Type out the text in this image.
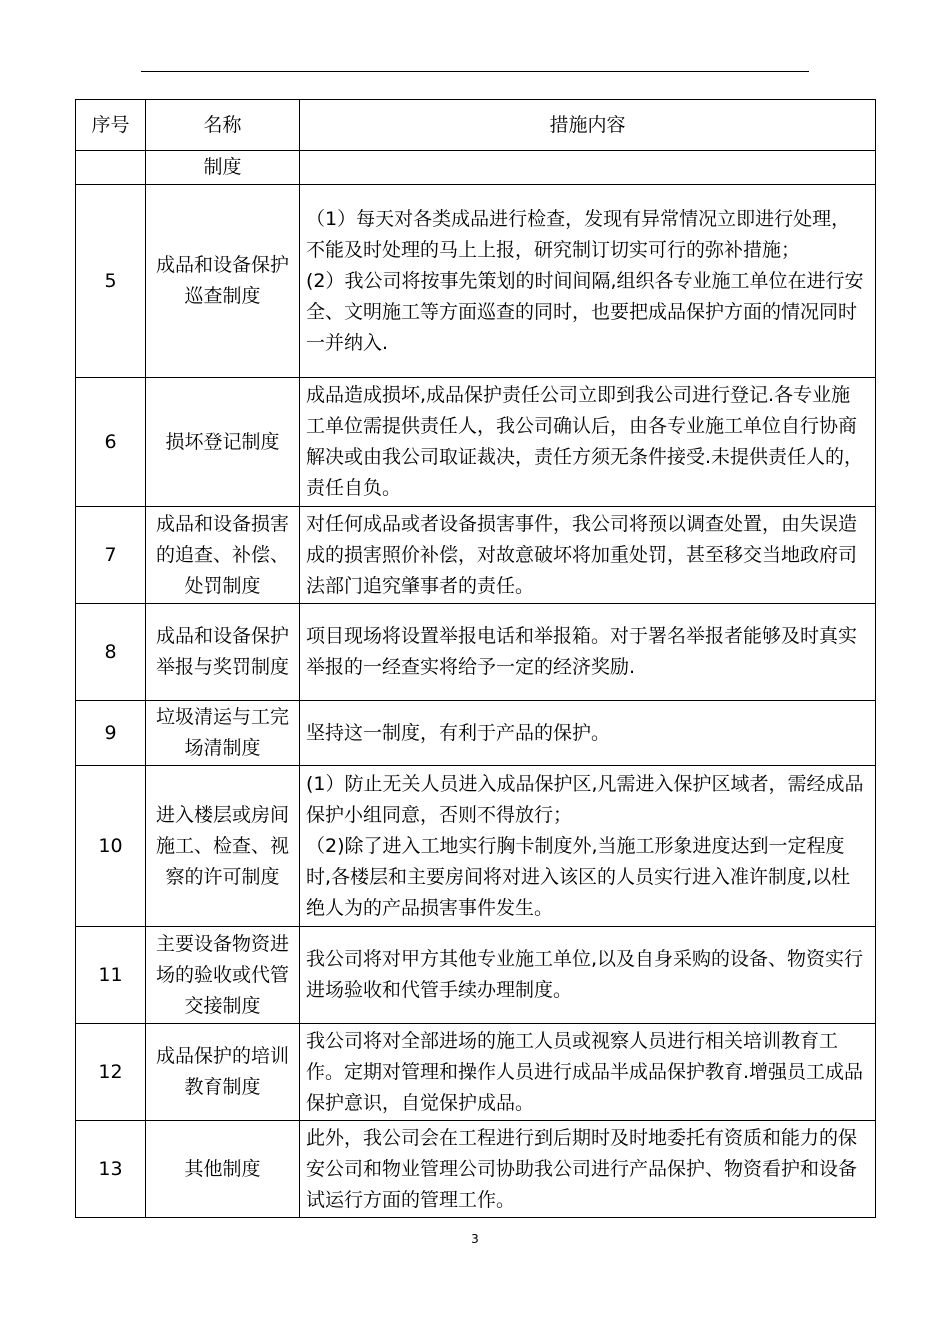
序号	名称	措施内容
	制度	

5	成品和设备保护巡查制度	（1）每天对各类成品进行检查，发现有异常情况立即进行处理，不能及时处理的马上上报，研究制订切实可行的弥补措施；

(2）我公司将按事先策划的时间间隔,组织各专业施工单位在进行安全、文明施工等方面巡查的同时，也要把成品保护方面的情况同时一并纳入.

6	损坏登记制度	成品造成损坏,成品保护责任公司立即到我公司进行登记.各专业施工单位需提供责任人，我公司确认后，由各专业施工单位自行协商解决或由我公司取证裁决，责任方须无条件接受.未提供责任人的，责任自负。

7	成品和设备损害的追查、补偿、处罚制度	对任何成品或者设备损害事件，我公司将预以调查处置，由失误造成的损害照价补偿，对故意破坏将加重处罚，甚至移交当地政府司法部门追究肇事者的责任。

8	成品和设备保护举报与奖罚制度	项目现场将设置举报电话和举报箱。对于署名举报者能够及时真实举报的一经查实将给予一定的经济奖励.

9	垃圾清运与工完场清制度	坚持这一制度，有利于产品的保护。

10	进入楼层或房间施工、检查、视察的许可制度	(1）防止无关人员进入成品保护区,凡需进入保护区域者，需经成品保护小组同意，否则不得放行；

（2)除了进入工地实行胸卡制度外,当施工形象进度达到一定程度时,各楼层和主要房间将对进入该区的人员实行进入准许制度,以杜绝人为的产品损害事件发生。

11	主要设备物资进场的验收或代管交接制度	我公司将对甲方其他专业施工单位,以及自身采购的设备、物资实行进场验收和代管手续办理制度。

12	成品保护的培训教育制度	我公司将对全部进场的施工人员或视察人员进行相关培训教育工作。定期对管理和操作人员进行成品半成品保护教育.增强员工成品保护意识，自觉保护成品。

13	其他制度	此外，我公司会在工程进行到后期时及时地委托有资质和能力的保安公司和物业管理公司协助我公司进行产品保护、物资看护和设备试运行方面的管理工作。

3
